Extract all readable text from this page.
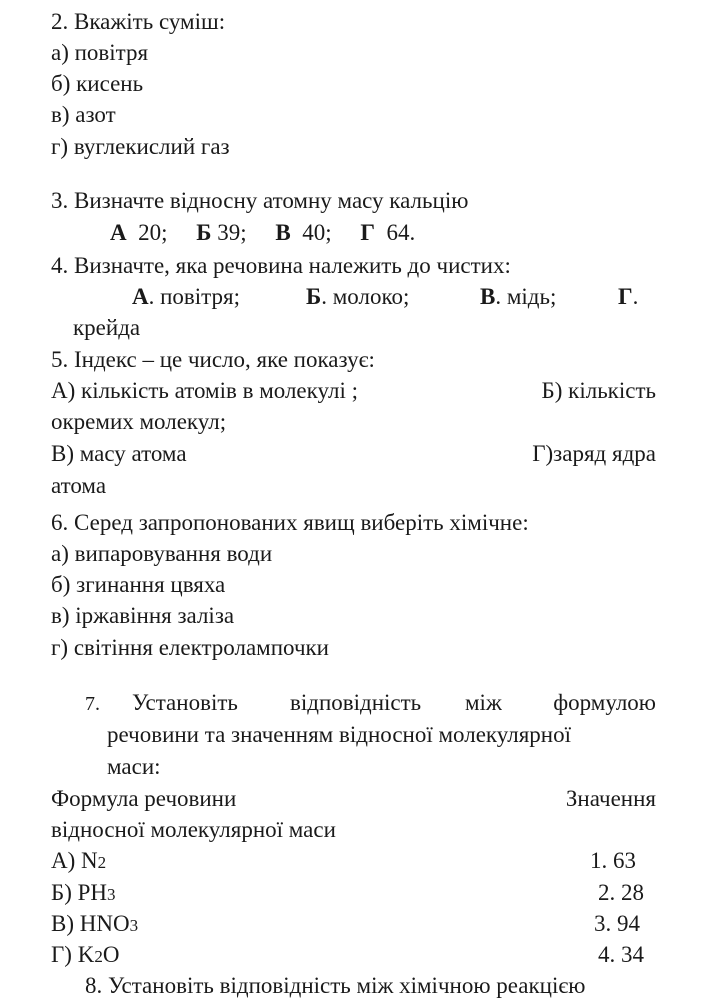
2. Вкажіть суміш:
а) повітря
б) кисень
в) азот
г) вуглекислий газ
3. Визначте відносну атомну масу кальцію
А 20; Б 39; В 40; Г 64.
4. Визначте, яка речовина належить до чистих:
А. повітря;	Б. молоко;	В. мідь;	Г.
крейда
5. Індекс – це число, яке показує:
А) кількість атомів в молекулі ;	Б) кількість
окремих молекул;
В) масу атома	Г)заряд ядра
атома
6. Серед запропонованих явищ виберіть хімічне:
а) випаровування води
б) згинання цвяха
в) іржавіння заліза
г) світіння електролампочки
7. Установіть відповідність між формулою
речовини та значенням відносної молекулярної
маси:
Формула речовини	Значення
відносної молекулярної маси
А) N2	1. 63
Б) PH3	2. 28
В) HNO3	3. 94
Г) K2O	4. 34
8. Установіть відповідність між хімічною реакцією
